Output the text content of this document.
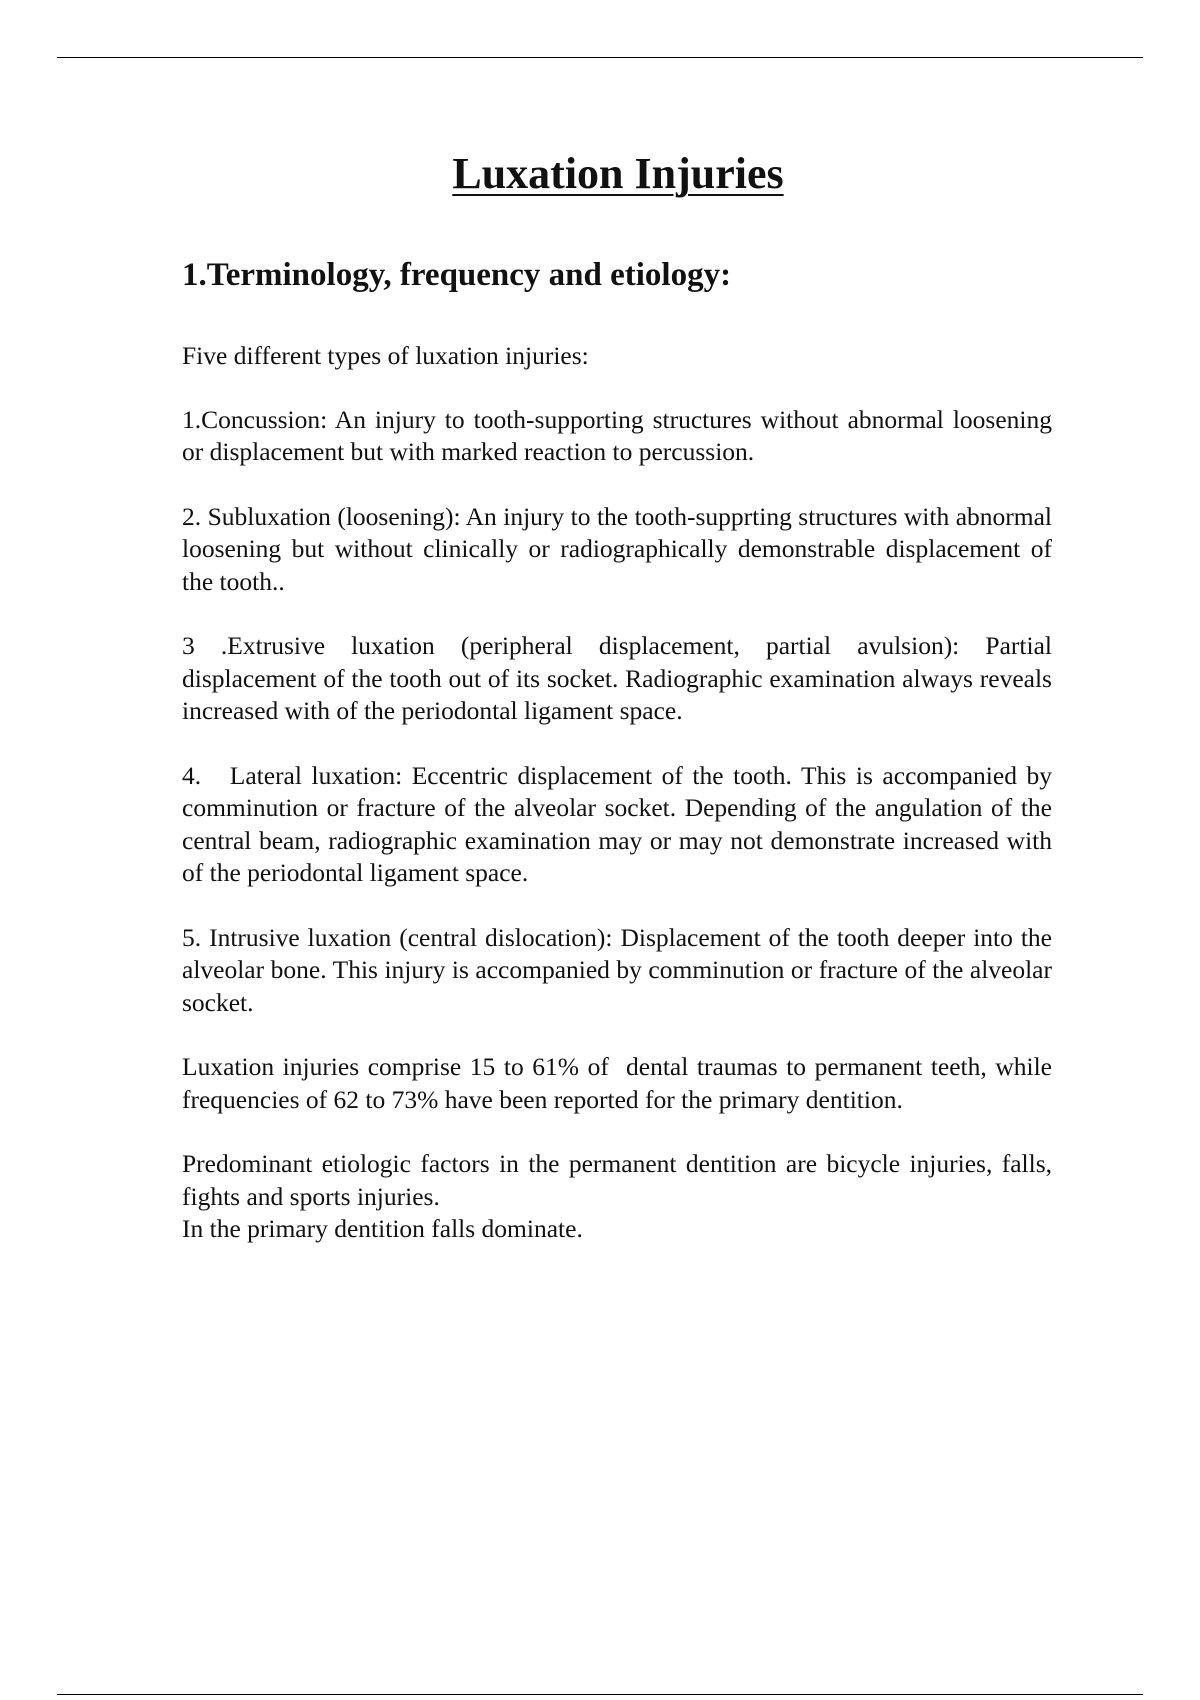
Luxation Injuries
1.Terminology, frequency and etiology:

Five different types of luxation injuries:

1.Concussion: An injury to tooth-supporting structures without abnormal loosening or displacement but with marked reaction to percussion.

2. Subluxation (loosening): An injury to the tooth-supprting structures with abnormal loosening but without clinically or radiographically demonstrable displacement of the tooth..

3 .Extrusive luxation (peripheral displacement, partial avulsion): Partial displacement of the tooth out of its socket. Radiographic examination always reveals increased with of the periodontal ligament space.

4.   Lateral luxation: Eccentric displacement of the tooth. This is accompanied by comminution or fracture of the alveolar socket. Depending of the angulation of the central beam, radiographic examination may or may not demonstrate increased with of the periodontal ligament space.

5. Intrusive luxation (central dislocation): Displacement of the tooth deeper into the alveolar bone. This injury is accompanied by comminution or fracture of the alveolar socket.

Luxation injuries comprise 15 to 61% of  dental traumas to permanent teeth, while frequencies of 62 to 73% have been reported for the primary dentition.

Predominant etiologic factors in the permanent dentition are bicycle injuries, falls, fights and sports injuries.
In the primary dentition falls dominate.
